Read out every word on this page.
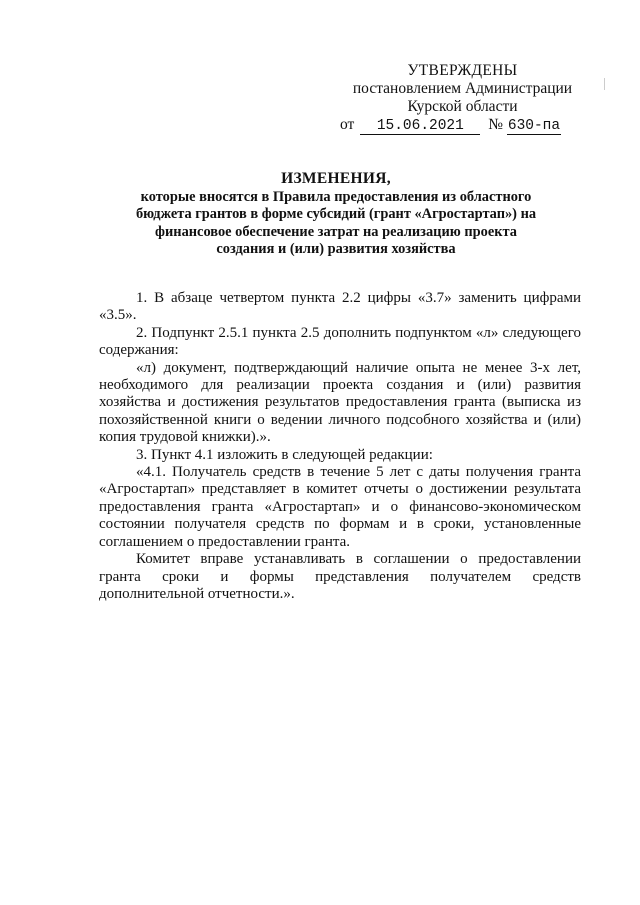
УТВЕРЖДЕНЫ
постановлением Администрации
Курской области
от 15.06.2021 № 630-па
ИЗМЕНЕНИЯ,
которые вносятся в Правила предоставления из областного
бюджета грантов в форме субсидий (грант «Агростартап») на
финансовое обеспечение затрат на реализацию проекта
создания и (или) развития хозяйства

1. В абзаце четвертом пункта 2.2 цифры «3.7» заменить цифрами «3.5».

2. Подпункт 2.5.1 пункта 2.5 дополнить подпунктом «л» следующего содержания:

«л) документ, подтверждающий наличие опыта не менее 3-х лет, необходимого для реализации проекта создания и (или) развития хозяйства и достижения результатов предоставления гранта (выписка из похозяйственной книги о ведении личного подсобного хозяйства и (или) копия трудовой книжки).».

3. Пункт 4.1 изложить в следующей редакции:

«4.1. Получатель средств в течение 5 лет с даты получения гранта «Агростартап» представляет в комитет отчеты о достижении результата предоставления гранта «Агростартап» и о финансово-экономическом состоянии получателя средств по формам и в сроки, установленные соглашением о предоставлении гранта.

Комитет вправе устанавливать в соглашении о предоставлении гранта сроки и формы представления получателем средств дополнительной отчетности.».
